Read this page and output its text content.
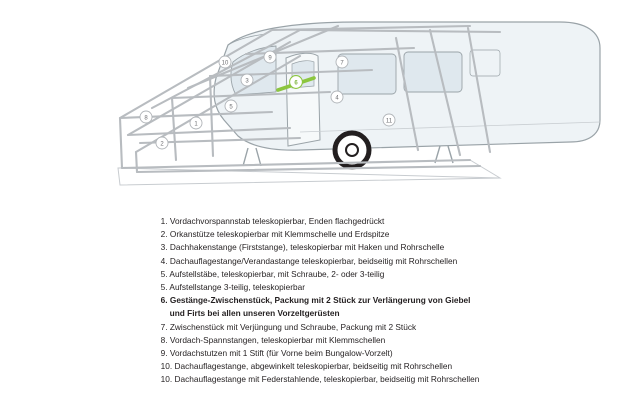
1
2
3
4
5
6
7
8
9
10
11
1. Vordachvorspannstab teleskopierbar, Enden flachgedrückt
2. Orkanstütze teleskopierbar mit Klemmschelle und Erdspitze
3. Dachhakenstange (Firststange), teleskopierbar mit Haken und Rohrschelle
4. Dachauflagestange/Verandastange teleskopierbar, beidseitig mit Rohrschellen
5. Aufstellstäbe, teleskopierbar, mit Schraube, 2- oder 3-teilig
5. Aufstellstange 3-teilig, teleskopierbar
6. Gestänge-Zwischenstück, Packung mit 2 Stück zur Verlängerung von Giebel
und Firts bei allen unseren Vorzeltgerüsten
7. Zwischenstück mit Verjüngung und Schraube, Packung mit 2 Stück
8. Vordach-Spannstangen, teleskopierbar mit Klemmschellen
9. Vordachstutzen mit 1 Stift (für Vorne beim Bungalow-Vorzelt)
10. Dachauflagestange, abgewinkelt teleskopierbar, beidseitig mit Rohrschellen
10. Dachauflagestange mit Federstahlende, teleskopierbar, beidseitig mit Rohrschellen
